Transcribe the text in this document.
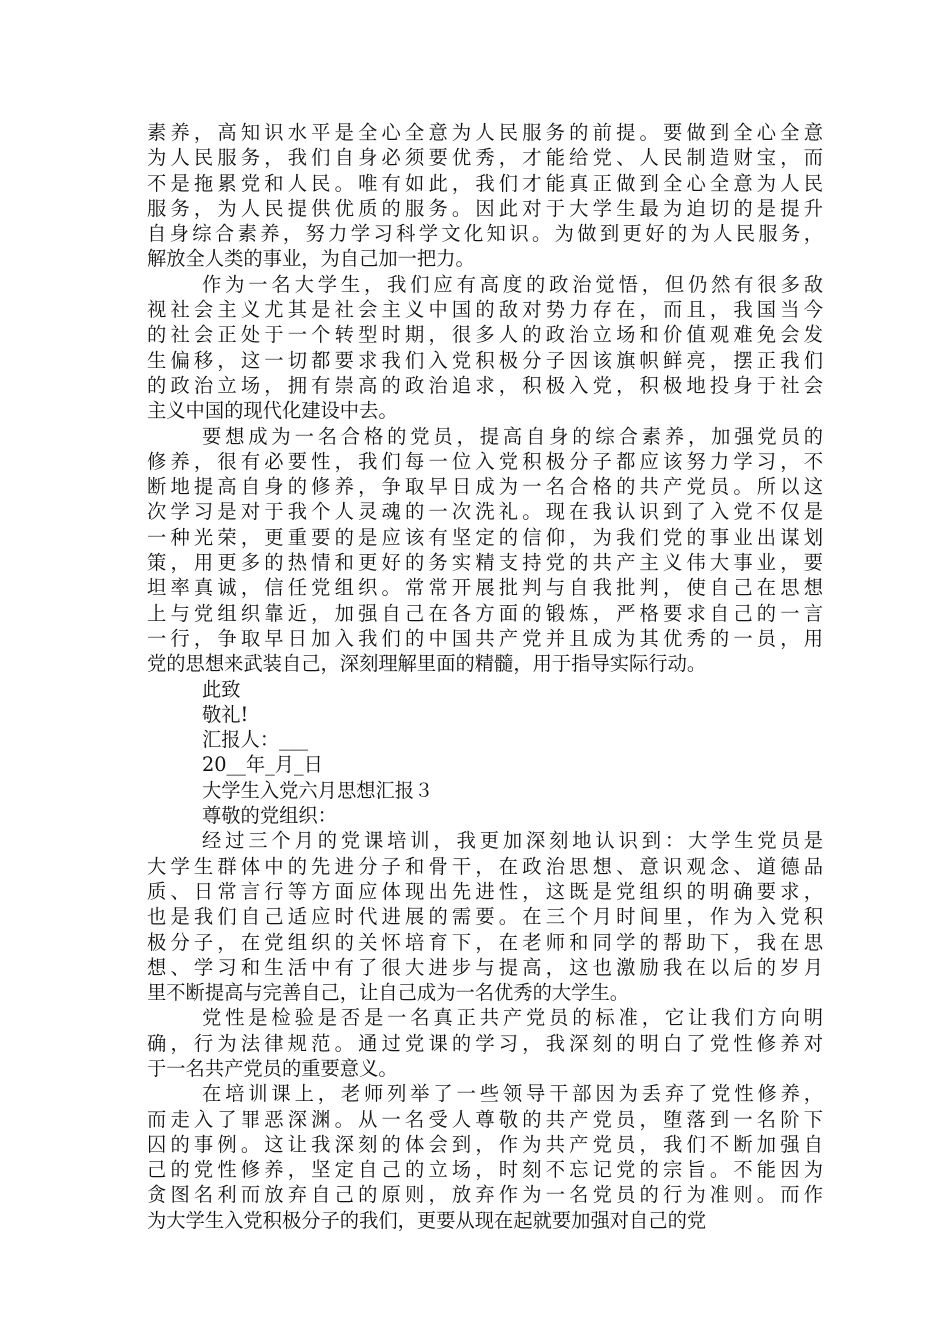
素养，高知识水平是全心全意为人民服务的前提。要做到全心全意
为人民服务，我们自身必须要优秀，才能给党、人民制造财宝，而
不是拖累党和人民。唯有如此，我们才能真正做到全心全意为人民
服务，为人民提供优质的服务。因此对于大学生最为迫切的是提升
自身综合素养，努力学习科学文化知识。为做到更好的为人民服务，
解放全人类的事业，为自己加一把力。
作为一名大学生，我们应有高度的政治觉悟，但仍然有很多敌
视社会主义尤其是社会主义中国的敌对势力存在，而且，我国当今
的社会正处于一个转型时期，很多人的政治立场和价值观难免会发
生偏移，这一切都要求我们入党积极分子因该旗帜鲜亮，摆正我们
的政治立场，拥有崇高的政治追求，积极入党，积极地投身于社会
主义中国的现代化建设中去。
要想成为一名合格的党员，提高自身的综合素养，加强党员的
修养，很有必要性，我们每一位入党积极分子都应该努力学习，不
断地提高自身的修养，争取早日成为一名合格的共产党员。所以这
次学习是对于我个人灵魂的一次洗礼。现在我认识到了入党不仅是
一种光荣，更重要的是应该有坚定的信仰，为我们党的事业出谋划
策，用更多的热情和更好的务实精支持党的共产主义伟大事业，要
坦率真诚，信任党组织。常常开展批判与自我批判，使自己在思想
上与党组织靠近，加强自己在各方面的锻炼，严格要求自己的一言
一行，争取早日加入我们的中国共产党并且成为其优秀的一员，用
党的思想来武装自己，深刻理解里面的精髓，用于指导实际行动。
此致
敬礼!
汇报人：___
20__年_月_日
大学生入党六月思想汇报３
尊敬的党组织：
经过三个月的党课培训，我更加深刻地认识到：大学生党员是
大学生群体中的先进分子和骨干，在政治思想、意识观念、道德品
质、日常言行等方面应体现出先进性，这既是党组织的明确要求，
也是我们自己适应时代进展的需要。在三个月时间里，作为入党积
极分子，在党组织的关怀培育下，在老师和同学的帮助下，我在思
想、学习和生活中有了很大进步与提高，这也激励我在以后的岁月
里不断提高与完善自己，让自己成为一名优秀的大学生。
党性是检验是否是一名真正共产党员的标准，它让我们方向明
确，行为法律规范。通过党课的学习，我深刻的明白了党性修养对
于一名共产党员的重要意义。
在培训课上，老师列举了一些领导干部因为丢弃了党性修养，
而走入了罪恶深渊。从一名受人尊敬的共产党员，堕落到一名阶下
囚的事例。这让我深刻的体会到，作为共产党员，我们不断加强自
己的党性修养，坚定自己的立场，时刻不忘记党的宗旨。不能因为
贪图名利而放弃自己的原则，放弃作为一名党员的行为准则。而作
为大学生入党积极分子的我们，更要从现在起就要加强对自己的党
